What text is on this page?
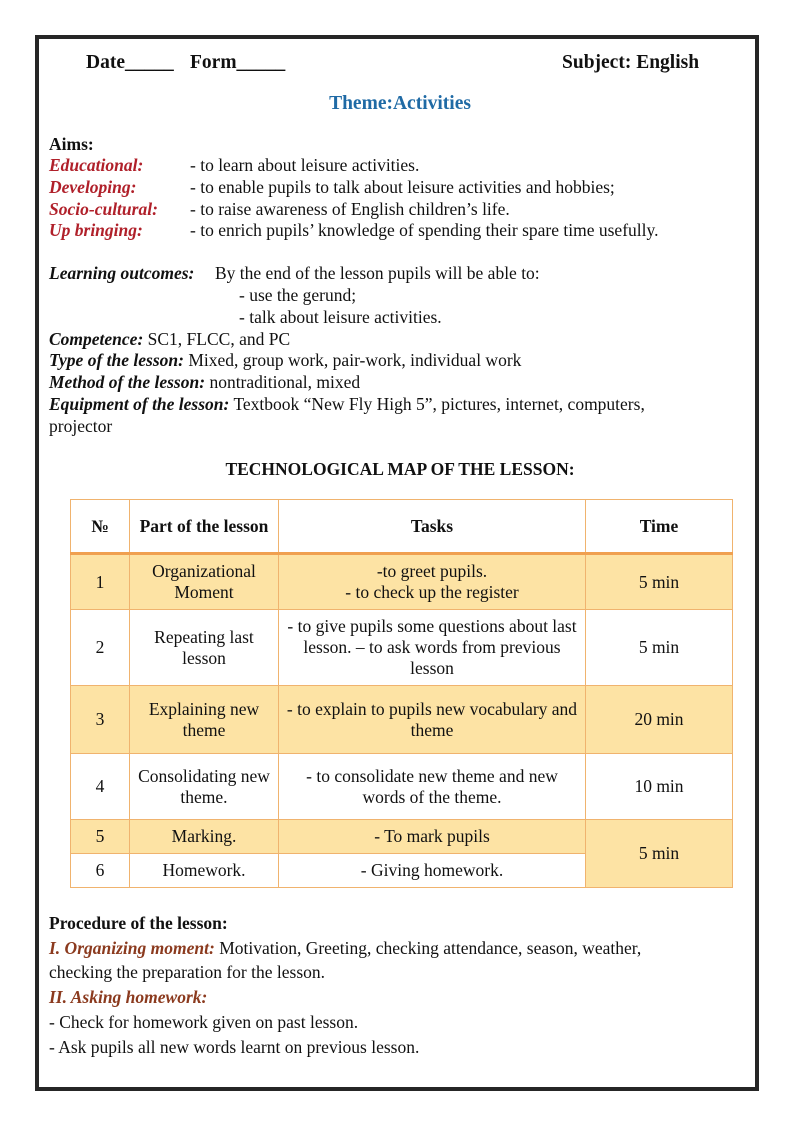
Date_____ Form_____	Subject: English
Theme:Activities
Aims:
Educational:	- to learn about leisure activities.
Developing:	- to enable pupils to talk about leisure activities and hobbies;
Socio-cultural: - to raise awareness of English children’s life.
Up bringing:	- to enrich pupils’ knowledge of spending their spare time usefully.
Learning outcomes: By the end of the lesson pupils will be able to:
- use the gerund;
- talk about leisure activities.
Competence: SC1, FLCC, and PC
Type of the lesson: Mixed, group work, pair-work, individual work
Method of the lesson: nontraditional, mixed
Equipment of the lesson: Textbook “New Fly High 5”, pictures, internet, computers,
projector
TECHNOLOGICAL MAP OF THE LESSON:
№	Part of the lesson	Tasks	Time
1	Organizational Moment	-to greet pupils.
- to check up the register	5 min
2	Repeating last lesson	- to give pupils some questions about last lesson. – to ask words from previous lesson	5 min
3	Explaining new theme	- to explain to pupils new vocabulary and theme	20 min
4	Consolidating new theme.	- to consolidate new theme and new words of the theme.	10 min
5	Marking.	- To mark pupils	5 min
6	Homework.	- Giving homework.	
Procedure of the lesson:
I. Organizing moment: Motivation, Greeting, checking attendance, season, weather,
checking the preparation for the lesson.
II. Asking homework:
- Check for homework given on past lesson.
- Ask pupils all new words learnt on previous lesson.
